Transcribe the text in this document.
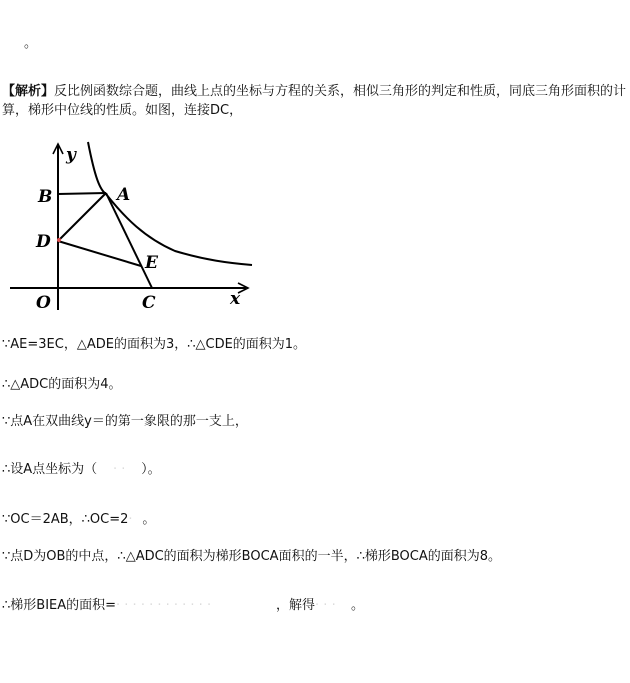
。
【解析】反比例函数综合题，曲线上点的坐标与方程的关系，相似三角形的判定和性质，同底三角形面积的计算，梯形中位线的性质。如图，连接DC，
y
B	A
D
E
O	C	x
∵AE=3EC，△ADE的面积为3，∴△CDE的面积为1。
∴△ADC的面积为4。
∵点A在双曲线y＝的第一象限的那一支上，
∴设A点坐标为（ · · ）。
∵OC＝2AB，∴OC=2· 。
∵点D为OB的中点，∴△ADC的面积为梯形BOCA面积的一半，∴梯形BOCA的面积为8。
∴梯形BIEA的面积=· · · · · · · · · · · ·	，解得· · · 。
